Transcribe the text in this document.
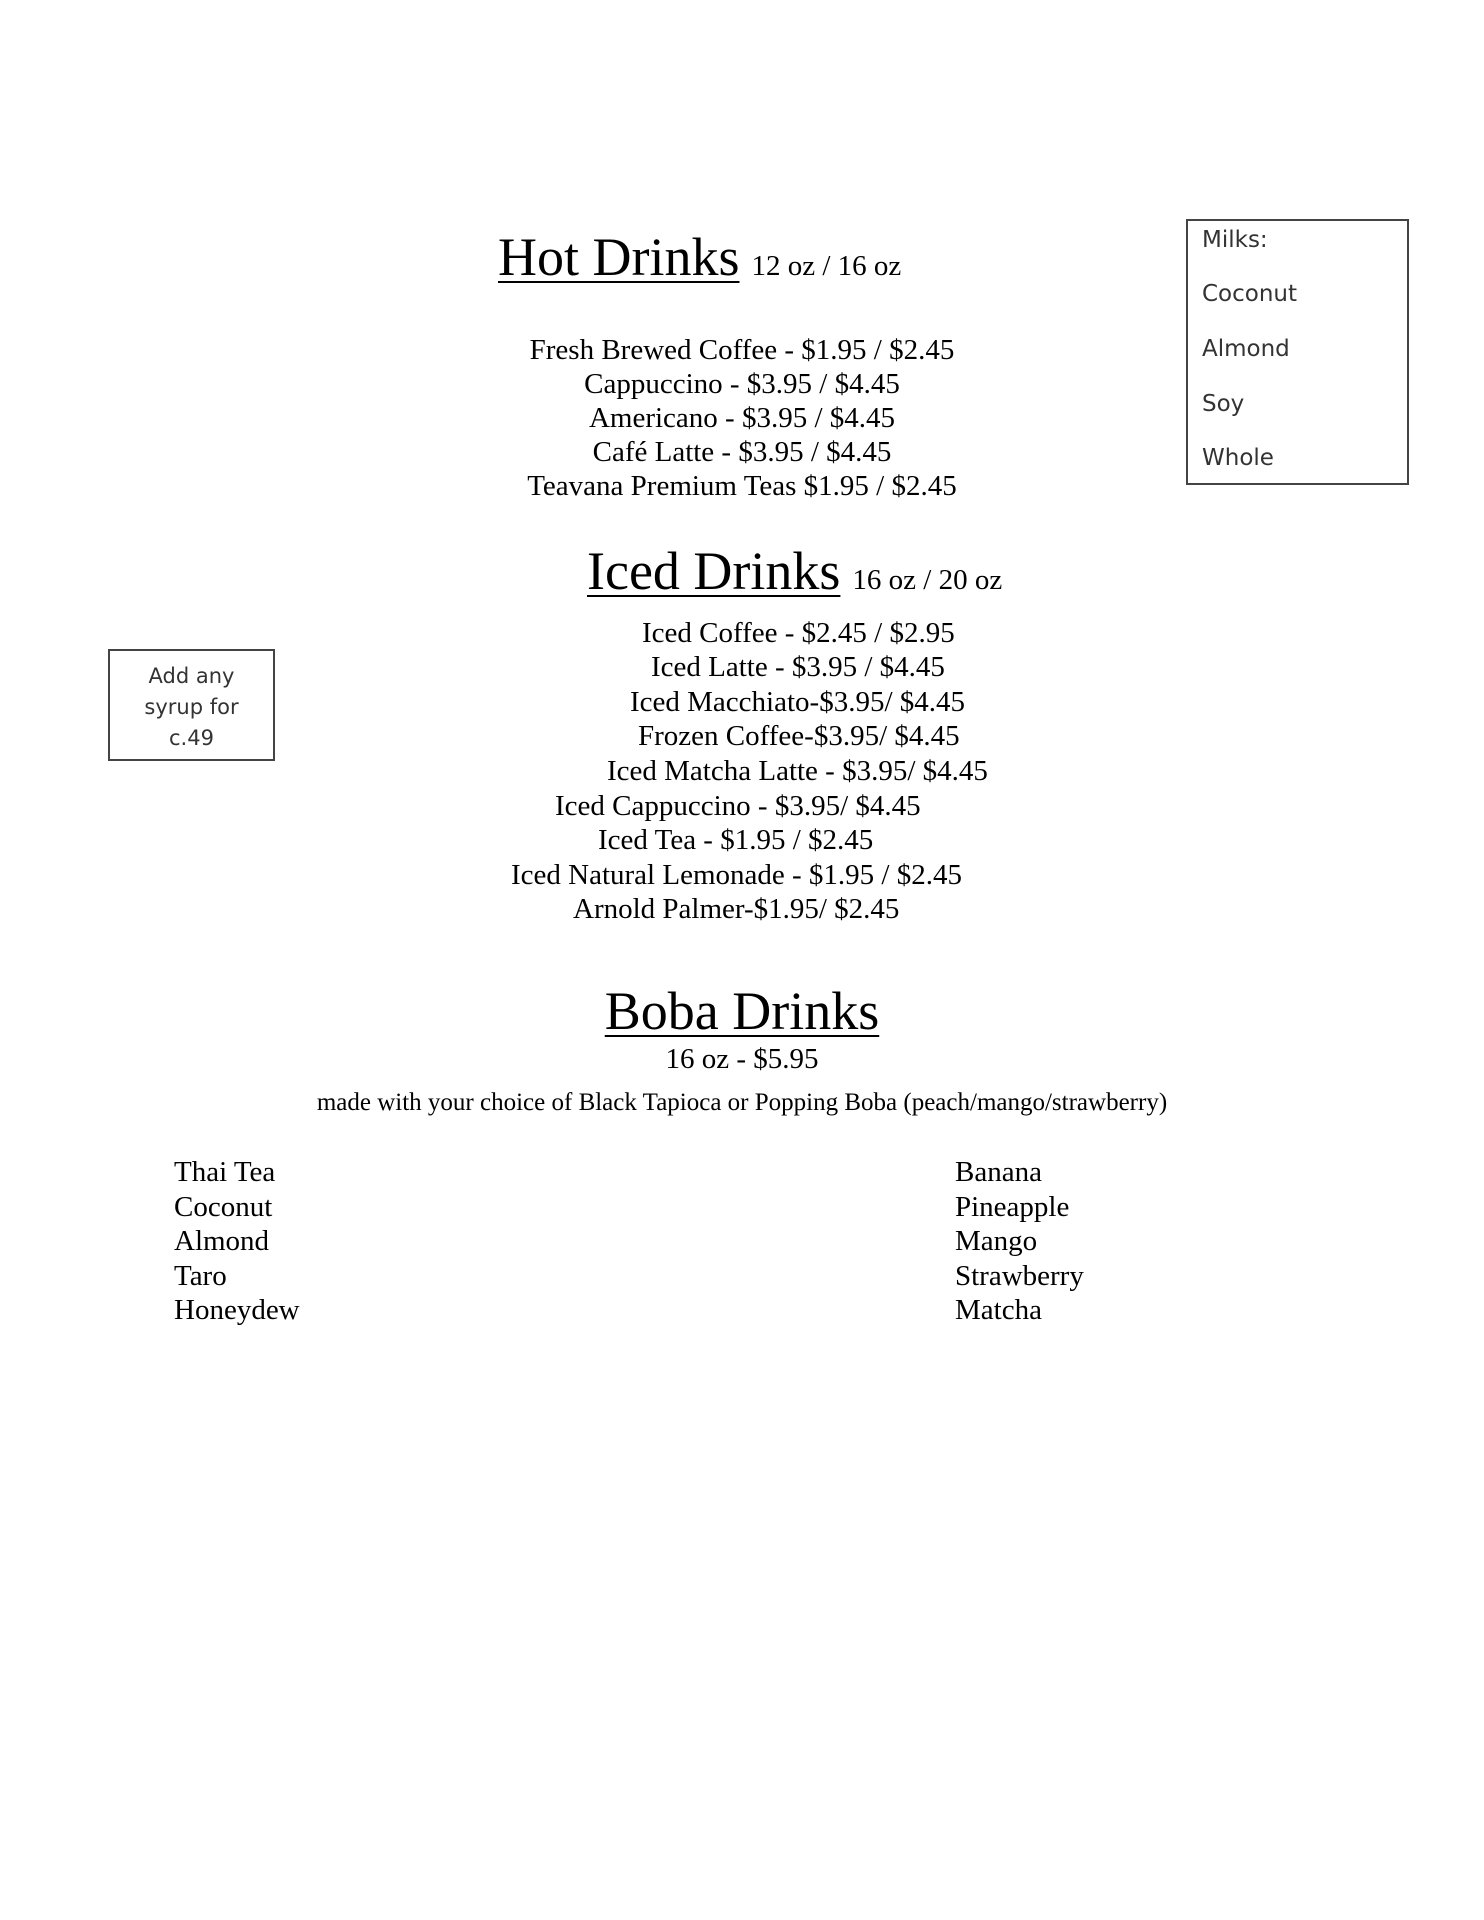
Hot Drinks 12 oz / 16 oz
Fresh Brewed Coffee - $1.95 / $2.45
Cappuccino - $3.95 / $4.45
Americano - $3.95 / $4.45
Café Latte - $3.95 / $4.45
Teavana Premium Teas $1.95 / $2.45
Milks:
Coconut
Almond
Soy
Whole
Iced Drinks 16 oz / 20 oz
Iced Coffee - $2.45 / $2.95
Iced Latte - $3.95 / $4.45
Iced Macchiato-$3.95/ $4.45
Frozen Coffee-$3.95/ $4.45
Iced Matcha Latte - $3.95/ $4.45
Iced Cappuccino - $3.95/ $4.45
Iced Tea - $1.95 / $2.45
Iced Natural Lemonade - $1.95 / $2.45
Arnold Palmer-$1.95/ $2.45
Add any
syrup for
c.49
Boba Drinks
16 oz - $5.95
made with your choice of Black Tapioca or Popping Boba (peach/mango/strawberry)
Thai Tea
Coconut
Almond
Taro
Honeydew
Banana
Pineapple
Mango
Strawberry
Matcha
